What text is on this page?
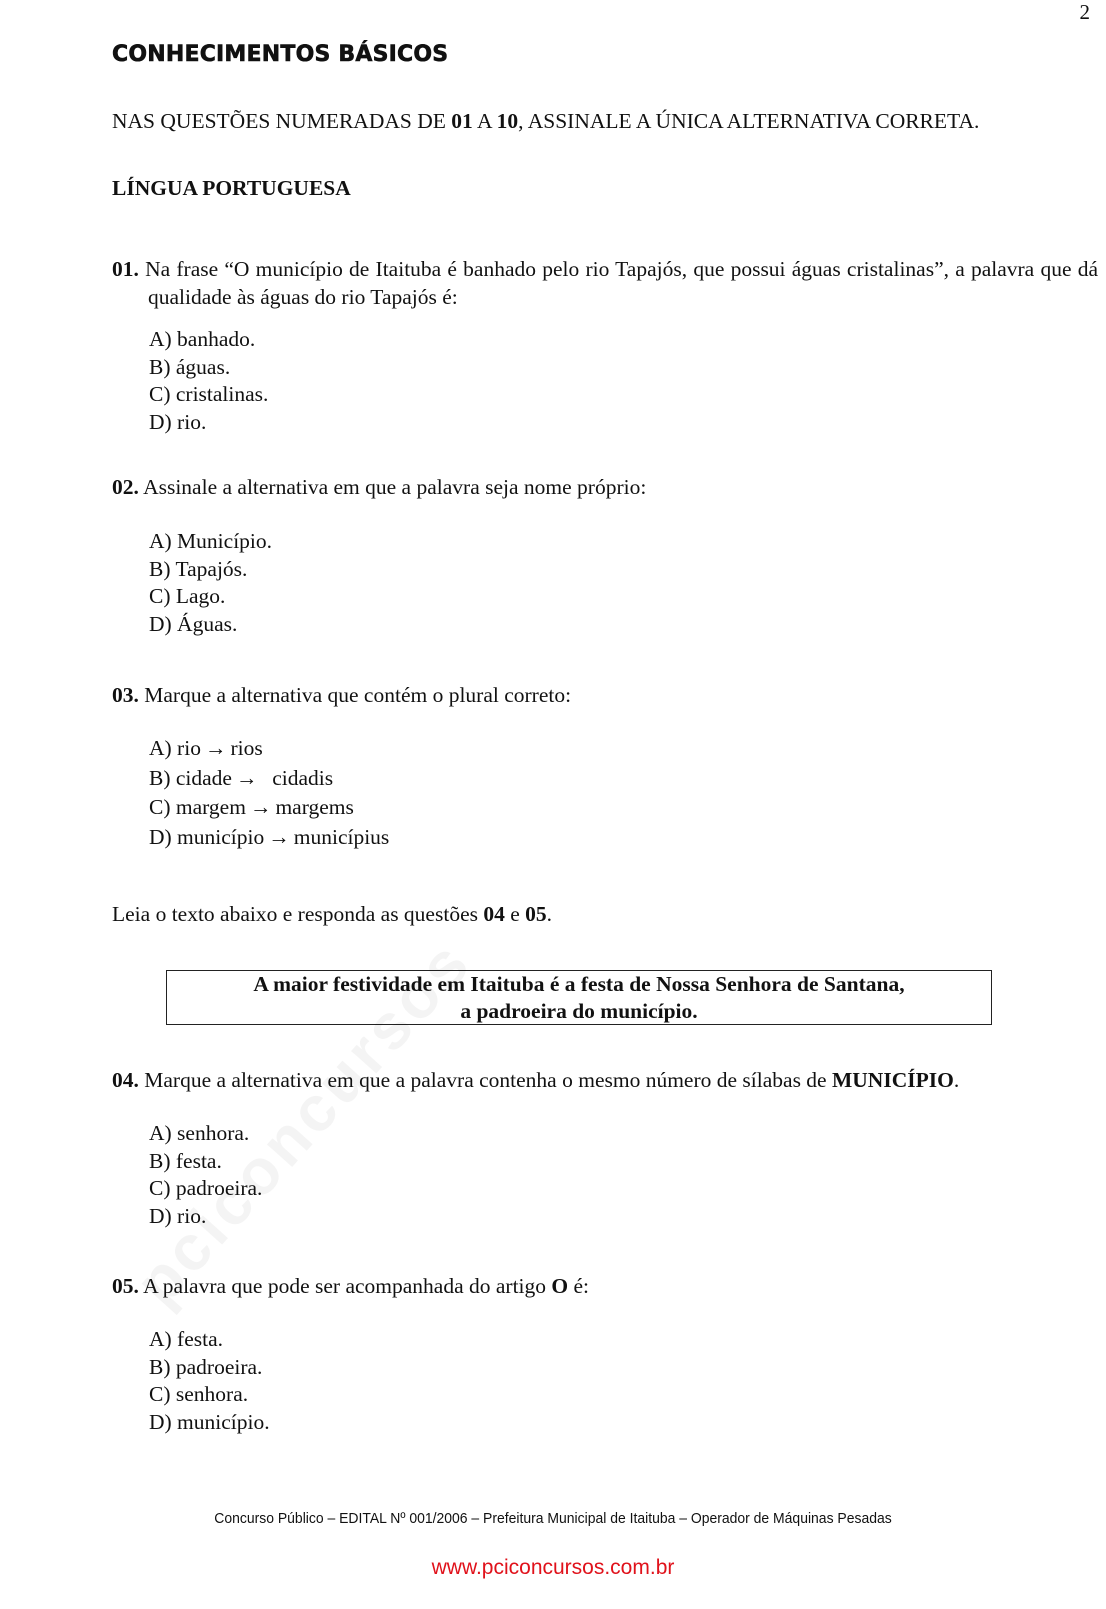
2
CONHECIMENTOS BÁSICOS
NAS QUESTÕES NUMERADAS DE 01 A 10, ASSINALE A ÚNICA ALTERNATIVA CORRETA.
LÍNGUA PORTUGUESA
01. Na frase “O município de Itaituba é banhado pelo rio Tapajós, que possui águas cristalinas”, a palavra que dá qualidade às águas do rio Tapajós é:
A) banhado.
B) águas.
C) cristalinas.
D) rio.
02. Assinale a alternativa em que a palavra seja nome próprio:
A) Município.
B) Tapajós.
C) Lago.
D) Águas.
03. Marque a alternativa que contém o plural correto:
A) rio → rios
B) cidade →  cidadis
C) margem → margems
D) município → municípius
Leia o texto abaixo e responda as questões 04 e 05.
A maior festividade em Itaituba é a festa de Nossa Senhora de Santana,
a padroeira do município.
04. Marque a alternativa em que a palavra contenha o mesmo número de sílabas de MUNICÍPIO.
A) senhora.
B) festa.
C) padroeira.
D) rio.
05. A palavra que pode ser acompanhada do artigo O é:
A) festa.
B) padroeira.
C) senhora.
D) município.
Concurso Público – EDITAL Nº 001/2006 – Prefeitura Municipal de Itaituba – Operador de Máquinas Pesadas
www.pciconcursos.com.br
